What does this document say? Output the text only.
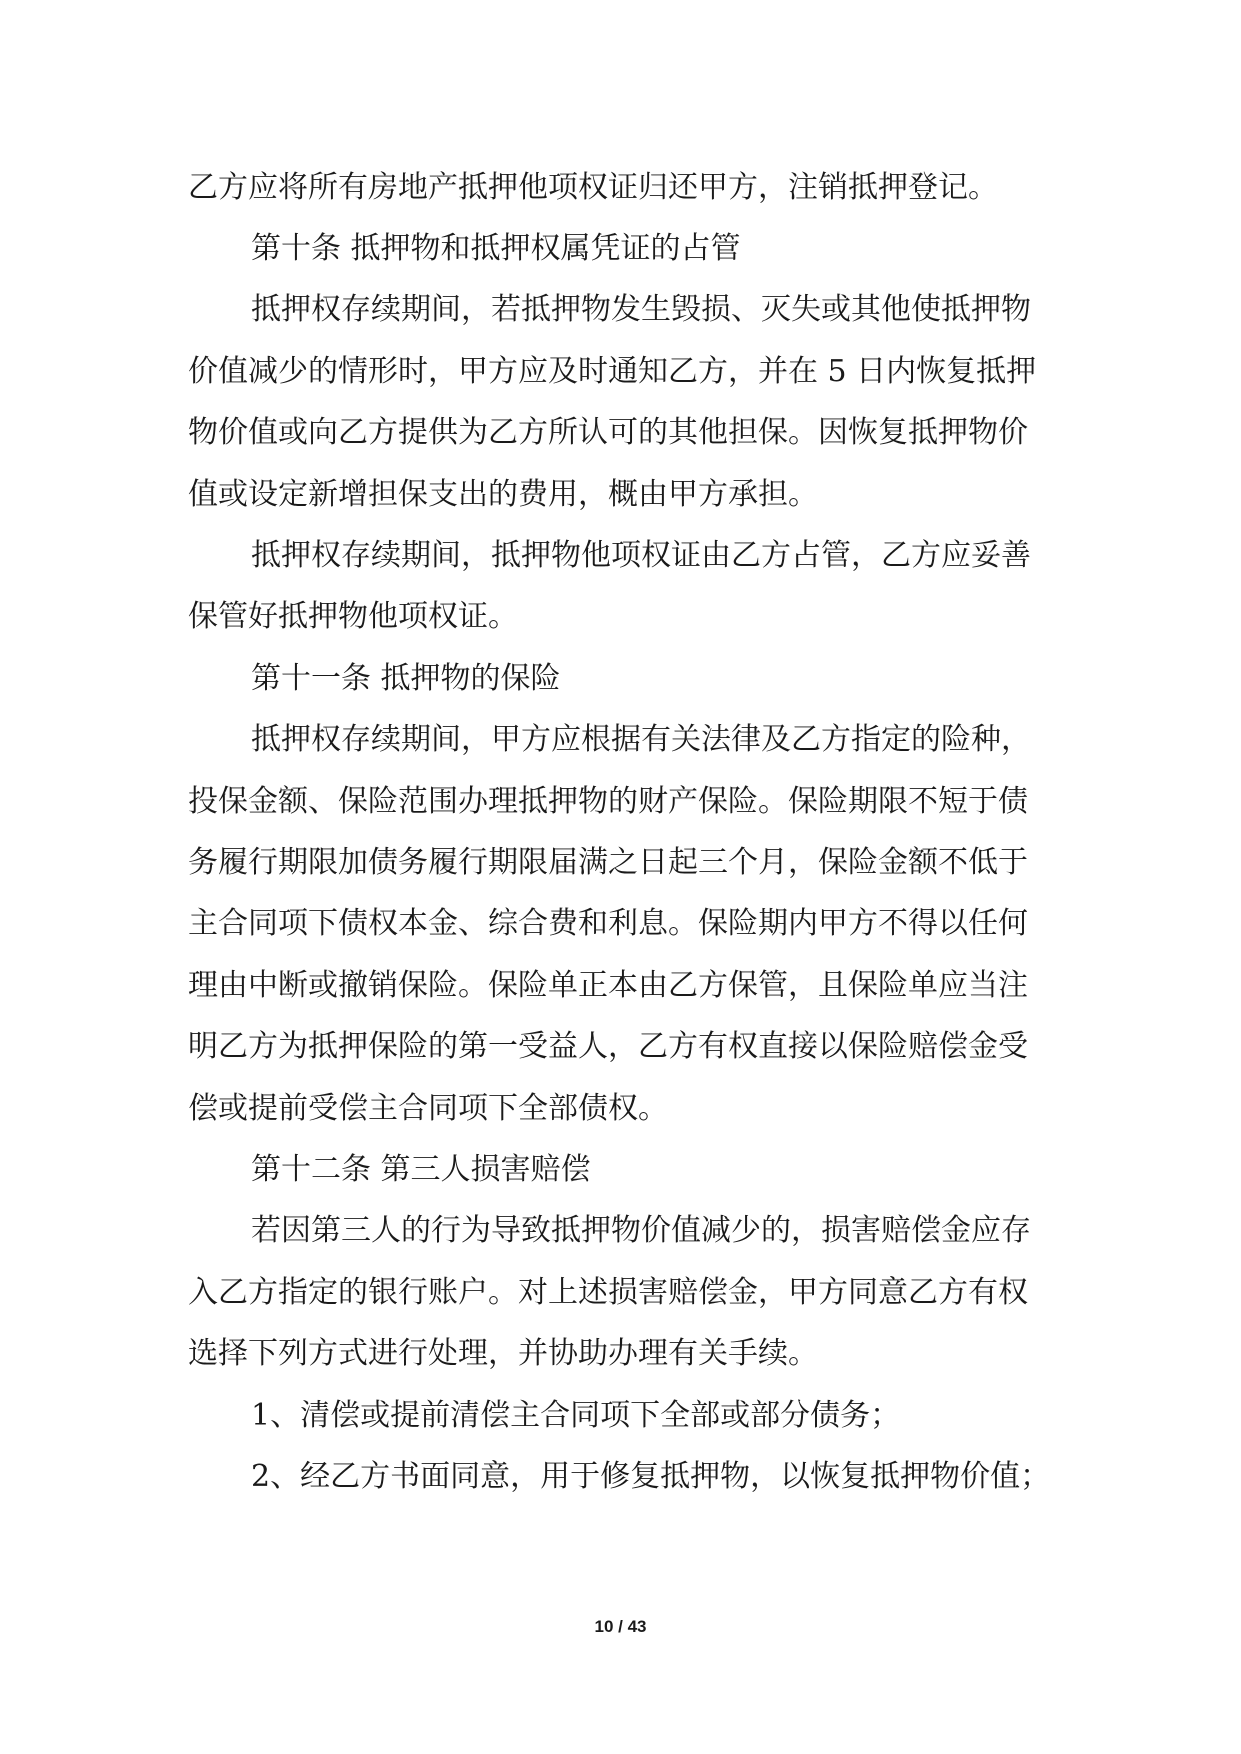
乙方应将所有房地产抵押他项权证归还甲方，注销抵押登记。

第十条 抵押物和抵押权属凭证的占管

抵押权存续期间，若抵押物发生毁损、灭失或其他使抵押物

价值减少的情形时，甲方应及时通知乙方，并在 5 日内恢复抵押

物价值或向乙方提供为乙方所认可的其他担保。因恢复抵押物价

值或设定新增担保支出的费用，概由甲方承担。

抵押权存续期间，抵押物他项权证由乙方占管，乙方应妥善

保管好抵押物他项权证。

第十一条 抵押物的保险

抵押权存续期间，甲方应根据有关法律及乙方指定的险种，

投保金额、保险范围办理抵押物的财产保险。保险期限不短于债

务履行期限加债务履行期限届满之日起三个月，保险金额不低于

主合同项下债权本金、综合费和利息。保险期内甲方不得以任何

理由中断或撤销保险。保险单正本由乙方保管，且保险单应当注

明乙方为抵押保险的第一受益人，乙方有权直接以保险赔偿金受

偿或提前受偿主合同项下全部债权。

第十二条 第三人损害赔偿

若因第三人的行为导致抵押物价值减少的，损害赔偿金应存

入乙方指定的银行账户。对上述损害赔偿金，甲方同意乙方有权

选择下列方式进行处理，并协助办理有关手续。

1、清偿或提前清偿主合同项下全部或部分债务；

2、经乙方书面同意，用于修复抵押物，以恢复抵押物价值；

10 / 43
